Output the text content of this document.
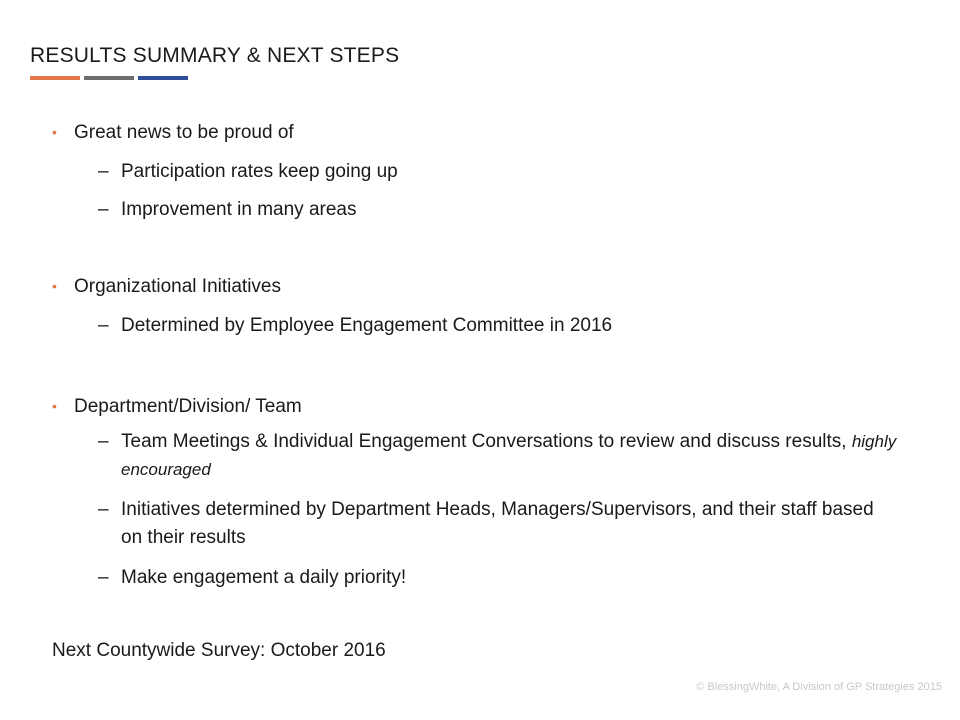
RESULTS SUMMARY & NEXT STEPS
• Great news to be proud of
– Participation rates keep going up
– Improvement in many areas
• Organizational Initiatives
– Determined by Employee Engagement Committee in 2016
• Department/Division/ Team
– Team Meetings & Individual Engagement Conversations to review and discuss results, highly encouraged
– Initiatives determined by Department Heads, Managers/Supervisors, and their staff based on their results
– Make engagement a daily priority!
Next Countywide Survey: October 2016
© BlessingWhite, A Division of GP Strategies 2015
